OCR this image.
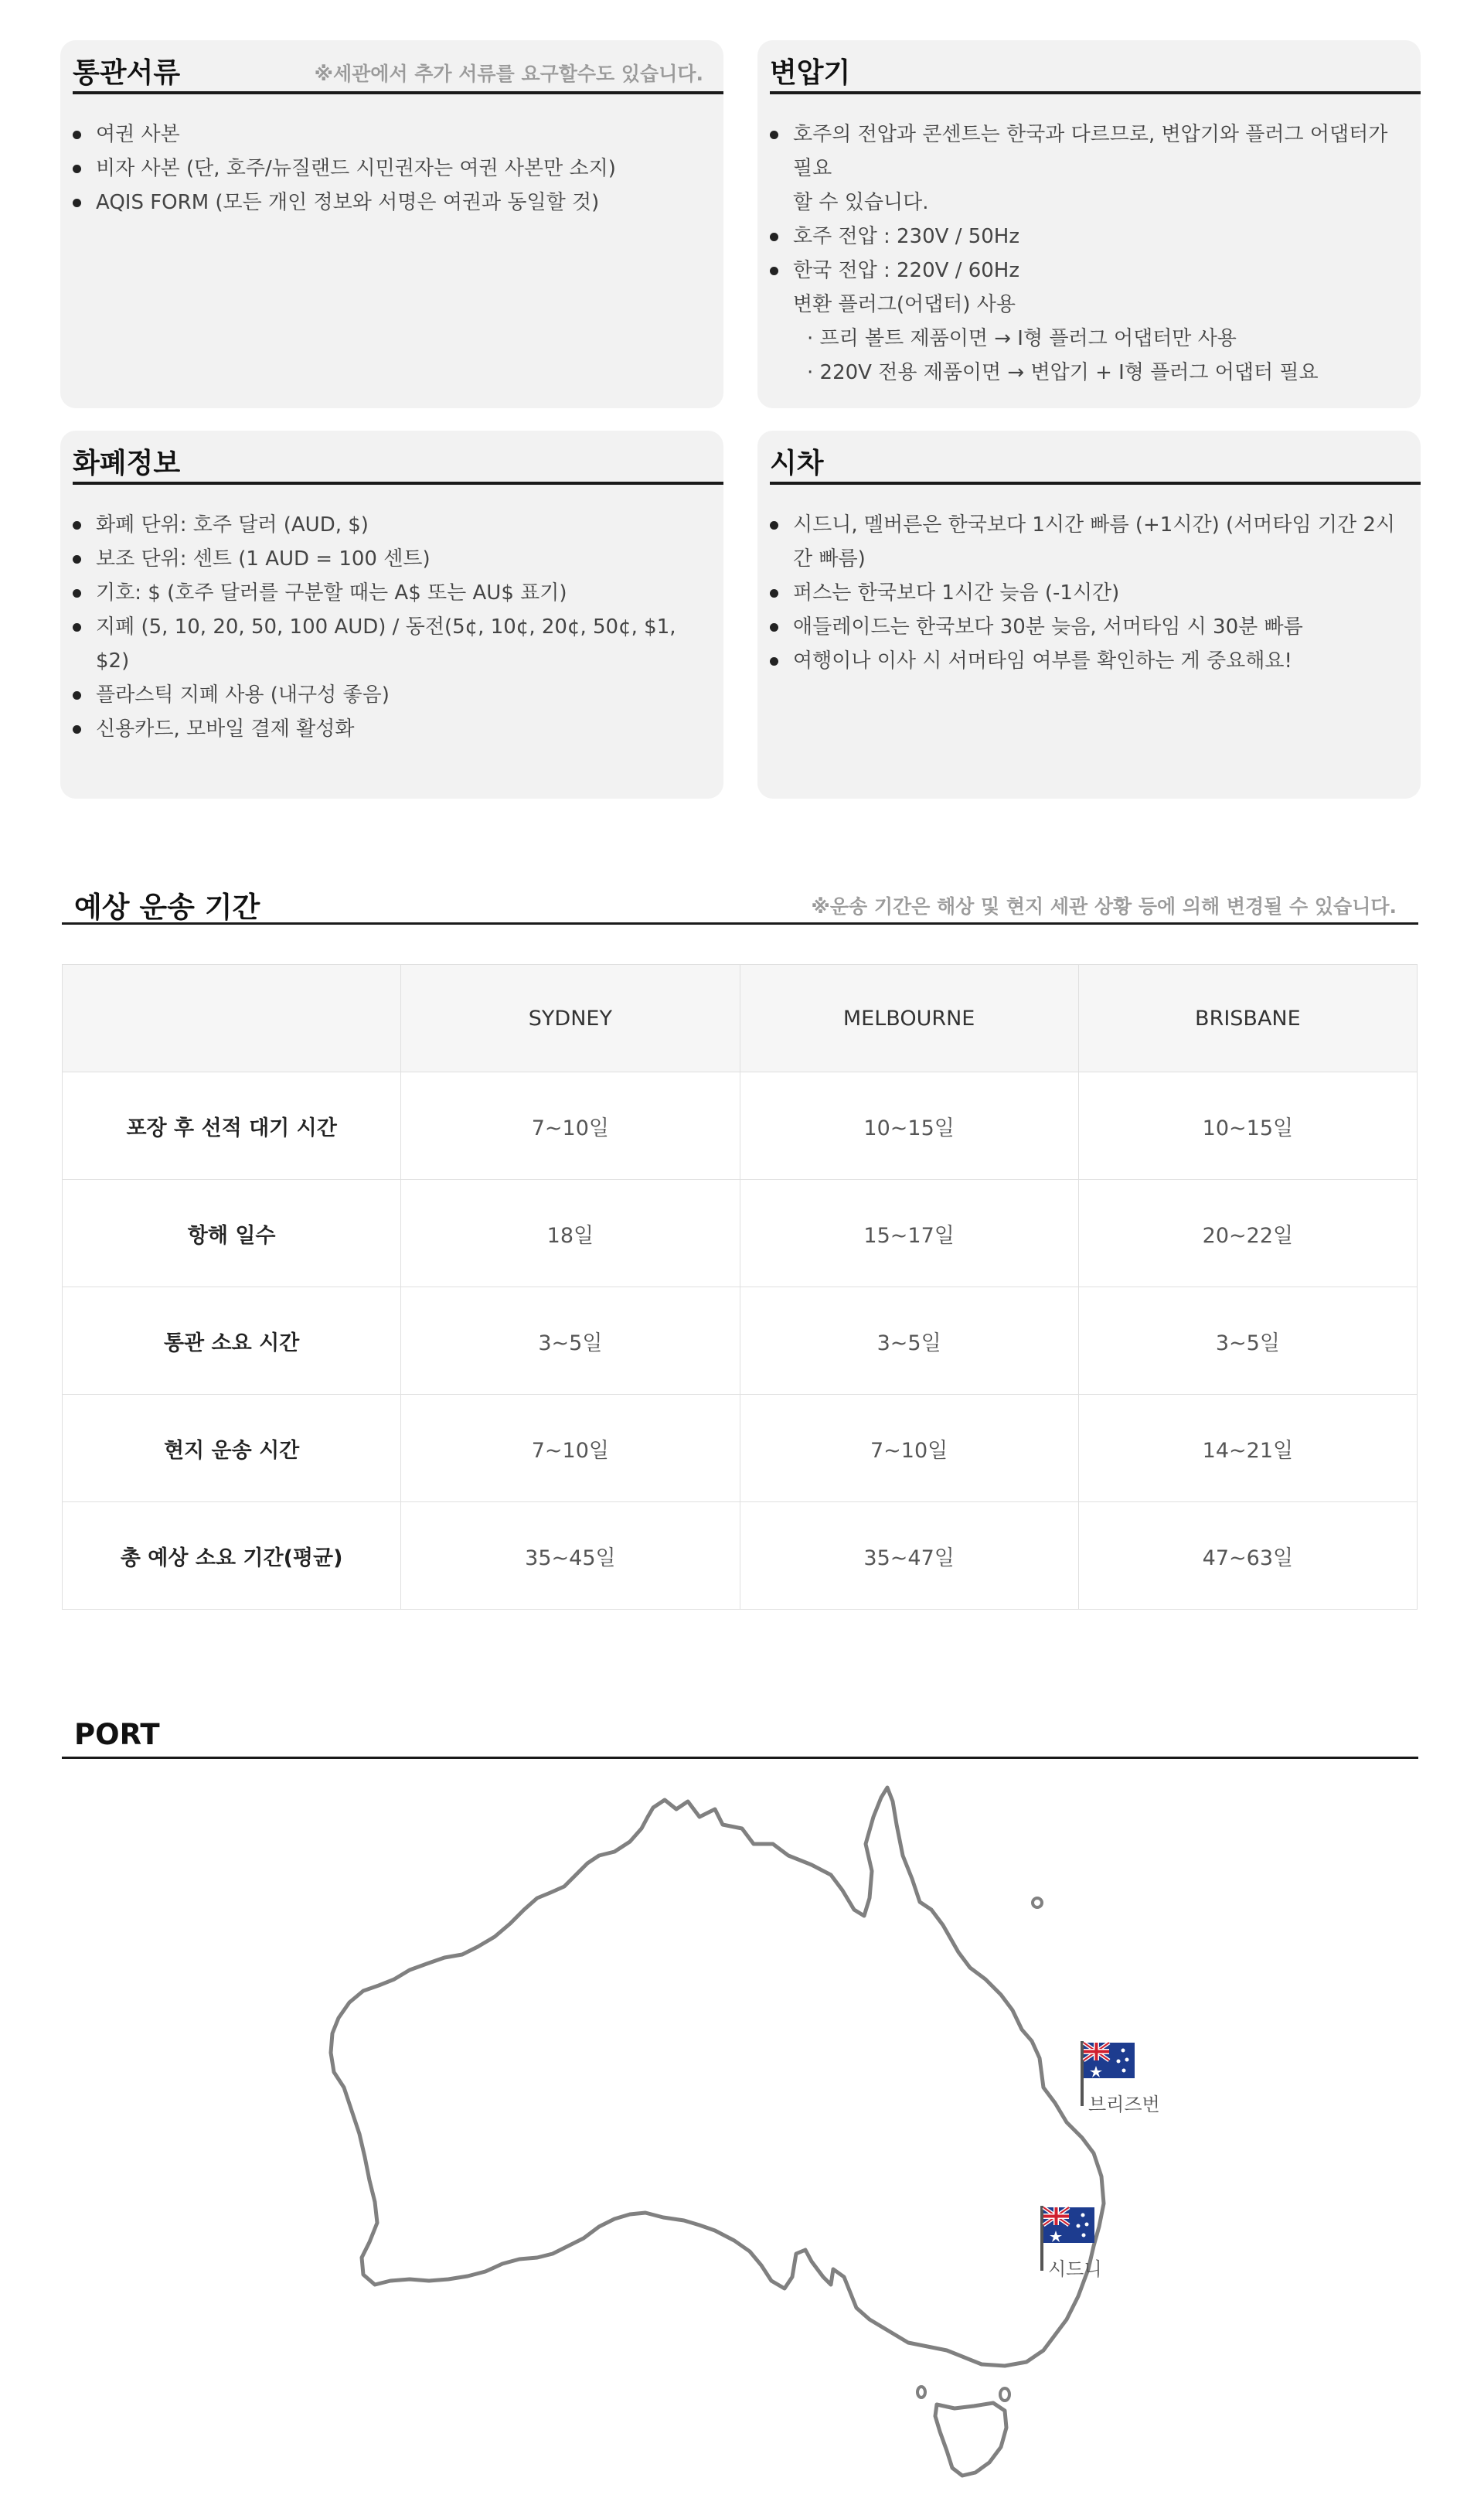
통관서류	※세관에서 추가 서류를 요구할수도 있습니다.
여권 사본
비자 사본 (단, 호주/뉴질랜드 시민권자는 여권 사본만 소지)
AQIS FORM (모든 개인 정보와 서명은 여권과 동일할 것)
변압기
호주의 전압과 콘센트는 한국과 다르므로, 변압기와 플러그 어댑터가 필요
할 수 있습니다.
호주 전압 : 230V / 50Hz
한국 전압 : 220V / 60Hz
변환 플러그(어댑터) 사용
· 프리 볼트 제품이면 → I형 플러그 어댑터만 사용
· 220V 전용 제품이면 → 변압기 + I형 플러그 어댑터 필요
화폐정보
화폐 단위: 호주 달러 (AUD, $)
보조 단위: 센트 (1 AUD = 100 센트)
기호: $ (호주 달러를 구분할 때는 A$ 또는 AU$ 표기)
지폐 (5, 10, 20, 50, 100 AUD) / 동전(5¢, 10¢, 20¢, 50¢, $1, $2)
플라스틱 지폐 사용 (내구성 좋음)
신용카드, 모바일 결제 활성화
시차
시드니, 멜버른은 한국보다 1시간 빠름 (+1시간) (서머타임 기간 2시
간 빠름)
퍼스는 한국보다 1시간 늦음 (-1시간)
애들레이드는 한국보다 30분 늦음, 서머타임 시 30분 빠름
여행이나 이사 시 서머타임 여부를 확인하는 게 중요해요!
예상 운송 기간	※운송 기간은 해상 및 현지 세관 상황 등에 의해 변경될 수 있습니다.
	SYDNEY	MELBOURNE	BRISBANE
포장 후 선적 대기 시간	7~10일	10~15일	10~15일
항해 일수	18일	15~17일	20~22일
통관 소요 시간	3~5일	3~5일	3~5일
현지 운송 시간	7~10일	7~10일	14~21일
총 예상 소요 기간(평균)	35~45일	35~47일	47~63일
PORT
브리즈번
시드니
